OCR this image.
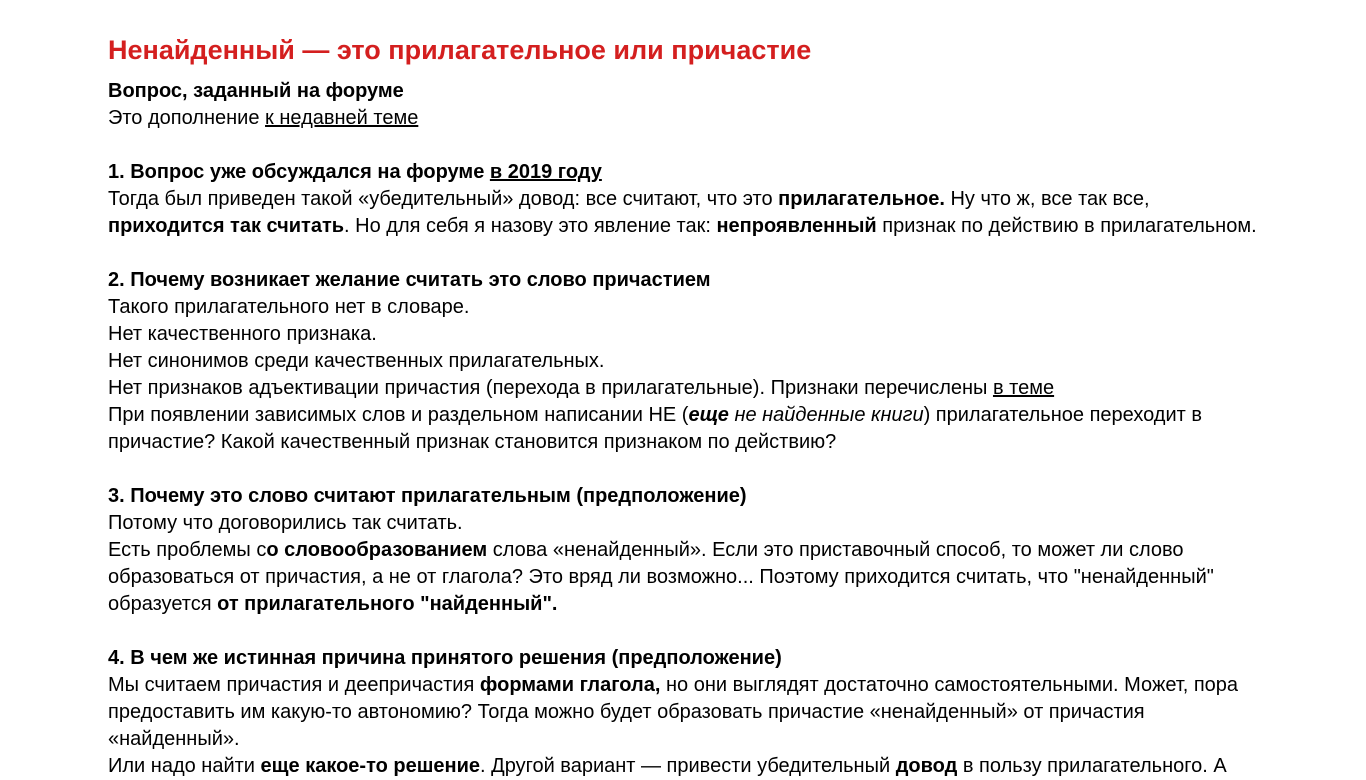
Ненайденный — это прилагательное или причастие

Вопрос, заданный на форуме

Это дополнение к недавней теме

1. Вопрос уже обсуждался на форуме в 2019 году

Тогда был приведен такой «убедительный» довод: все считают, что это прилагательное. Ну что ж, все так все,
приходится так считать. Но для себя я назову это явление так: непроявленный признак по действию в прилагательном.

2. Почему возникает желание считать это слово причастием

Такого прилагательного нет в словаре.

Нет качественного признака.

Нет синонимов среди качественных прилагательных.

Нет признаков адъективации причастия (перехода в прилагательные). Признаки перечислены в теме

При появлении зависимых слов и раздельном написании НЕ (еще не найденные книги) прилагательное переходит в причастие? Какой качественный признак становится признаком по действию?

3. Почему это слово считают прилагательным (предположение)

Потому что договорились так считать.

Есть проблемы со словообразованием слова «ненайденный». Если это приставочный способ, то может ли слово образоваться от причастия, а не от глагола? Это вряд ли возможно... Поэтому приходится считать, что "ненайденный" образуется от прилагательного "найденный".

4. В чем же истинная причина принятого решения (предположение)

Мы считаем причастия и деепричастия формами глагола, но они выглядят достаточно самостоятельными. Может, пора предоставить им какую-то автономию? Тогда можно будет образовать причастие «ненайденный» от причастия «найденный».

Или надо найти еще какое-то решение. Другой вариант — привести убедительный довод в пользу прилагательного. А
